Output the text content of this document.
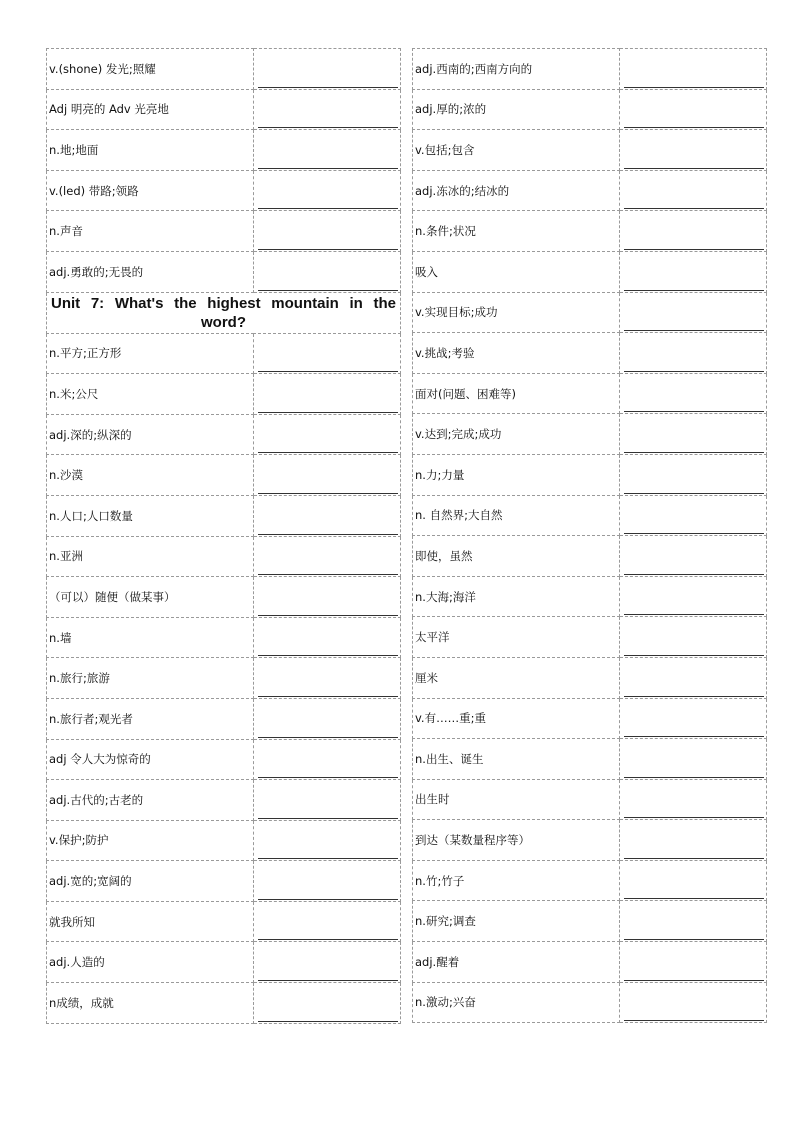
v.(shone) 发光;照耀	

Adj 明亮的 Adv 光亮地	

n.地;地面	

v.(led) 带路;领路	

n.声音	

adj.勇敢的;无畏的	

Unit 7: What's the highest mountain in the word?	
n.平方;正方形	

n.米;公尺	

adj.深的;纵深的	

n.沙漠	

n.人口;人口数量	

n.亚洲	

（可以）随便（做某事）	

n.墙	

n.旅行;旅游	

n.旅行者;观光者	

adj 令人大为惊奇的	

adj.古代的;古老的	

v.保护;防护	

adj.宽的;宽阔的	

就我所知	

adj.人造的	

n成绩，成就	
adj.西南的;西南方向的	

adj.厚的;浓的	

v.包括;包含	

adj.冻冰的;结冰的	

n.条件;状况	

吸入	

v.实现目标;成功	

v.挑战;考验	

面对(问题、困难等)	

v.达到;完成;成功	

n.力;力量	

n. 自然界;大自然	

即使，虽然	

n.大海;海洋	

太平洋	

厘米	

v.有……重;重	

n.出生、诞生	

出生时	

到达（某数量程序等）	

n.竹;竹子	

n.研究;调查	

adj.醒着	

n.激动;兴奋	
